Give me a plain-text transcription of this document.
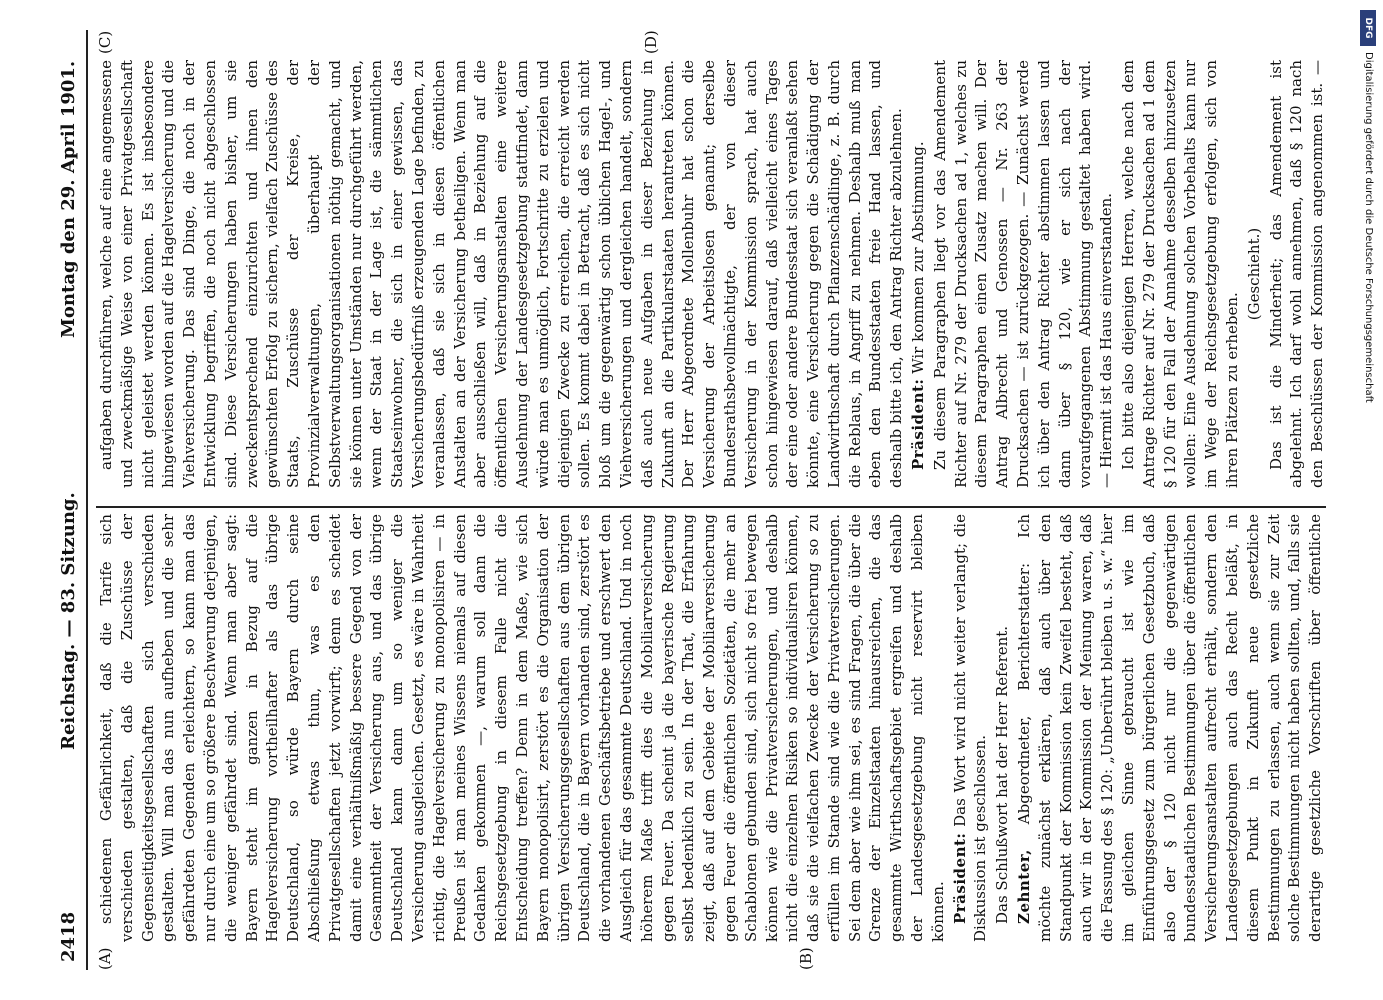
2418
Reichstag. — 83. Sitzung.
Montag den 29. April 1901.
(A)	(B)
(C)	(D)

schiedenen Gefährlichkeit, daß die Tarife sich verschieden gestalten, daß die Zuschüsse der Gegenseitigkeitsgesellschaften sich verschieden gestalten. Will man das nun aufheben und die sehr gefährdeten Gegenden erleichtern, so kann man das nur durch eine um so größere Beschwerung derjenigen, die weniger gefährdet sind. Wenn man aber sagt: Bayern steht im ganzen in Bezug auf die Hagelversicherung vortheilhafter als das übrige Deutschland, so würde Bayern durch seine Abschließung etwas thun, was es den Privatgesellschaften jetzt vorwirft; denn es scheidet damit eine verhältnißmäßig bessere Gegend von der Gesammtheit der Versicherung aus, und das übrige Deutschland kann dann um so weniger die Versicherung ausgleichen. Gesetzt, es wäre in Wahrheit richtig, die Hagelversicherung zu monopolisiren — in Preußen ist man meines Wissens niemals auf diesen Gedanken gekommen —, warum soll dann die Reichsgesetzgebung in diesem Falle nicht die Entscheidung treffen? Denn in dem Maße, wie sich Bayern monopolisirt, zerstört es die Organisation der übrigen Versicherungsgesellschaften aus dem übrigen Deutschland, die in Bayern vorhanden sind, zerstört es die vorhandenen Geschäftsbetriebe und erschwert den Ausgleich für das gesammte Deutschland. Und in noch höherem Maße trifft dies die Mobiliarversicherung gegen Feuer. Da scheint ja die bayerische Regierung selbst bedenklich zu sein. In der That, die Erfahrung zeigt, daß auf dem Gebiete der Mobiliarversicherung gegen Feuer die öffentlichen Sozietäten, die mehr an Schablonen gebunden sind, sich nicht so frei bewegen können wie die Privatversicherungen, und deshalb nicht die einzelnen Risiken so individualisiren können, daß sie die vielfachen Zwecke der Versicherung so zu erfüllen im Stande sind wie die Privatversicherungen. Sei dem aber wie ihm sei, es sind Fragen, die über die Grenze der Einzelstaaten hinausreichen, die das gesammte Wirthschaftsgebiet ergreifen und deshalb der Landesgesetzgebung nicht reservirt bleiben können. Präsident: Das Wort wird nicht weiter verlangt; die Diskussion ist geschlossen. Das Schlußwort hat der Herr Referent. Zehnter, Abgeordneter, Berichterstatter: Ich möchte zunächst erklären, daß auch über den Standpunkt der Kommission kein Zweifel besteht, daß auch wir in der Kommission der Meinung waren, daß die Fassung des § 120: „Unberührt bleiben u. s. w.“ hier im gleichen Sinne gebraucht ist wie im Einführungsgesetz zum bürgerlichen Gesetzbuch, daß also der § 120 nicht nur die gegenwärtigen bundesstaatlichen Bestimmungen über die öffentlichen Versicherungsanstalten aufrecht erhält, sondern den Landesgesetzgebungen auch das Recht beläßt, in diesem Punkt in Zukunft neue gesetzliche Bestimmungen zu erlassen, auch wenn sie zur Zeit solche Bestimmungen nicht haben sollten, und, falls sie derartige gesetzliche Vorschriften über öffentliche

aufgaben durchführen, welche auf eine angemessene und zweckmäßige Weise von einer Privatgesellschaft nicht geleistet werden können. Es ist insbesondere hingewiesen worden auf die Hagelversicherung und die Viehversicherung. Das sind Dinge, die noch in der Entwicklung begriffen, die noch nicht abgeschlossen sind. Diese Versicherungen haben bisher, um sie zweckentsprechend einzurichten und ihnen den gewünschten Erfolg zu sichern, vielfach Zuschüsse des Staats, Zuschüsse der Kreise, der Provinzialverwaltungen, überhaupt der Selbstverwaltungsorganisationen nöthig gemacht, und sie können unter Umständen nur durchgeführt werden, wenn der Staat in der Lage ist, die sämmtlichen Staatseinwohner, die sich in einer gewissen, das Versicherungsbedürfniß erzeugenden Lage befinden, zu veranlassen, daß sie sich in diesen öffentlichen Anstalten an der Versicherung betheiligen. Wenn man aber ausschließen will, daß in Beziehung auf die öffentlichen Versicherungsanstalten eine weitere Ausdehnung der Landesgesetzgebung stattfindet, dann würde man es unmöglich, Fortschritte zu erzielen und diejenigen Zwecke zu erreichen, die erreicht werden sollen. Es kommt dabei in Betracht, daß es sich nicht bloß um die gegenwärtig schon üblichen Hagel-, und Viehversicherungen und dergleichen handelt, sondern daß auch neue Aufgaben in dieser Beziehung in Zukunft an die Partikularstaaten herantreten können. Der Herr Abgeordnete Mollenbuhr hat schon die Versicherung der Arbeitslosen genannt; derselbe Bundesrathsbevollmächtigte, der von dieser Versicherung in der Kommission sprach, hat auch schon hingewiesen darauf, daß vielleicht eines Tages der eine oder andere Bundesstaat sich veranlaßt sehen könnte, eine Versicherung gegen die Schädigung der Landwirthschaft durch Pflanzenschädlinge, z. B. durch die Reblaus, in Angriff zu nehmen. Deshalb muß man eben den Bundesstaaten freie Hand lassen, und deshalb bitte ich, den Antrag Richter abzulehnen. Präsident: Wir kommen zur Abstimmung. Zu diesem Paragraphen liegt vor das Amendement Richter auf Nr. 279 der Drucksachen ad 1, welches zu diesem Paragraphen einen Zusatz machen will. Der Antrag Albrecht und Genossen — Nr. 263 der Drucksachen — ist zurückgezogen. — Zunächst werde ich über den Antrag Richter abstimmen lassen und dann über § 120, wie er sich nach der voraufgegangenen Abstimmung gestaltet haben wird. — Hiermit ist das Haus einverstanden. Ich bitte also diejenigen Herren, welche nach dem Antrage Richter auf Nr. 279 der Drucksachen ad 1 dem § 120 für den Fall der Annahme desselben hinzusetzen wollen: Eine Ausdehnung solchen Vorbehalts kann nur im Wege der Reichsgesetzgebung erfolgen, sich von ihren Plätzen zu erheben.

(Geschieht.)

Das ist die Minderheit; das Amendement ist abgelehnt. Ich darf wohl annehmen, daß § 120 nach den Beschlüssen der Kommission angenommen ist. —

DFG
Digitalisierung gefördert durch die Deutsche Forschungsgemeinschaft
